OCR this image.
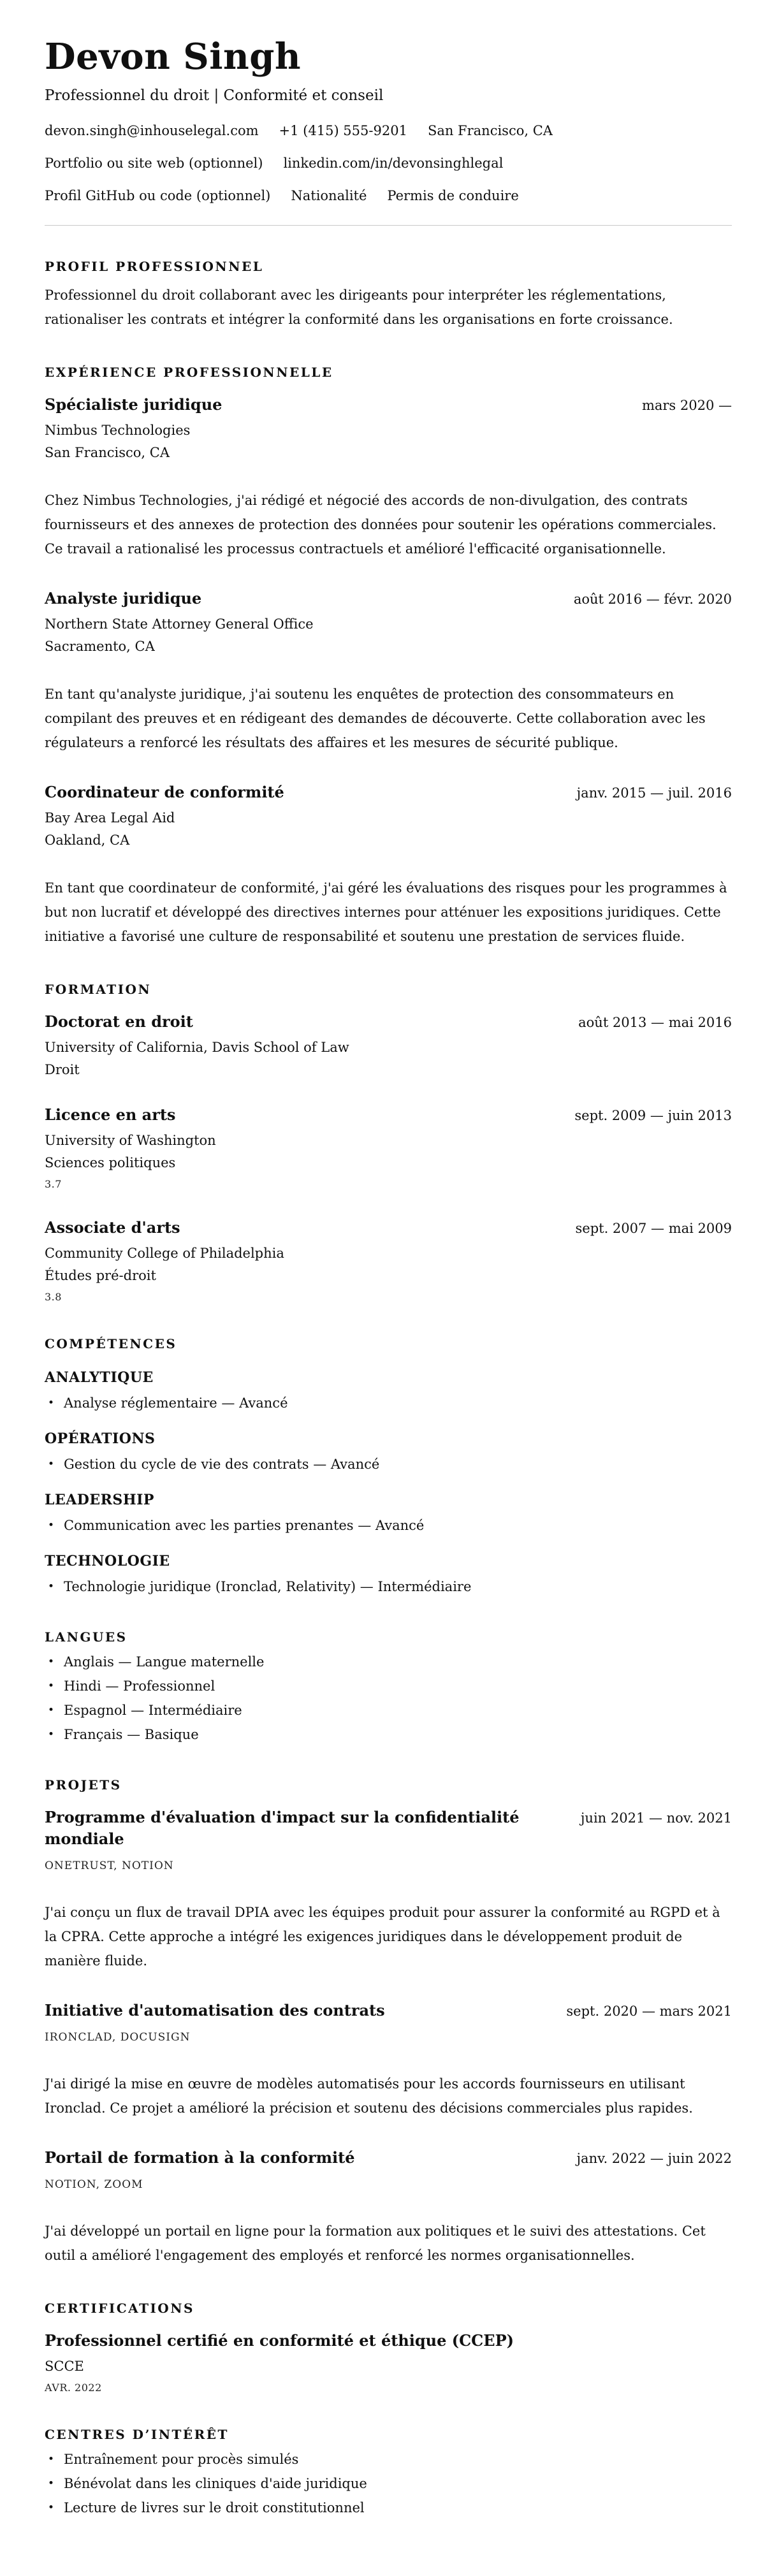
Devon Singh
Professionnel du droit | Conformité et conseil
devon.singh@inhouselegal.com +1 (415) 555-9201 San Francisco, CA
Portfolio ou site web (optionnel) linkedin.com/in/devonsinghlegal
Profil GitHub ou code (optionnel) Nationalité Permis de conduire
PROFIL PROFESSIONNEL

Professionnel du droit collaborant avec les dirigeants pour interpréter les réglementations, rationaliser les contrats et intégrer la conformité dans les organisations en forte croissance.

EXPÉRIENCE PROFESSIONNELLE
Spécialiste juridique	mars 2020 —
Nimbus Technologies
San Francisco, CA

Chez Nimbus Technologies, j'ai rédigé et négocié des accords de non-divulgation, des contrats fournisseurs et des annexes de protection des données pour soutenir les opérations commerciales. Ce travail a rationalisé les processus contractuels et amélioré l'efficacité organisationnelle.

Analyste juridique	août 2016 — févr. 2020
Northern State Attorney General Office
Sacramento, CA

En tant qu'analyste juridique, j'ai soutenu les enquêtes de protection des consommateurs en compilant des preuves et en rédigeant des demandes de découverte. Cette collaboration avec les régulateurs a renforcé les résultats des affaires et les mesures de sécurité publique.

Coordinateur de conformité	janv. 2015 — juil. 2016
Bay Area Legal Aid
Oakland, CA

En tant que coordinateur de conformité, j'ai géré les évaluations des risques pour les programmes à but non lucratif et développé des directives internes pour atténuer les expositions juridiques. Cette initiative a favorisé une culture de responsabilité et soutenu une prestation de services fluide.

FORMATION
Doctorat en droit	août 2013 — mai 2016
University of California, Davis School of Law
Droit
Licence en arts	sept. 2009 — juin 2013
University of Washington
Sciences politiques
3.7
Associate d'arts	sept. 2007 — mai 2009
Community College of Philadelphia
Études pré-droit
3.8
COMPÉTENCES
ANALYTIQUE
• Analyse réglementaire — Avancé
OPÉRATIONS
• Gestion du cycle de vie des contrats — Avancé
LEADERSHIP
• Communication avec les parties prenantes — Avancé
TECHNOLOGIE
• Technologie juridique (Ironclad, Relativity) — Intermédiaire
LANGUES
• Anglais — Langue maternelle
• Hindi — Professionnel
• Espagnol — Intermédiaire
• Français — Basique
PROJETS
Programme d'évaluation d'impact sur la confidentialité mondiale
juin 2021 — nov. 2021
ONETRUST, NOTION

J'ai conçu un flux de travail DPIA avec les équipes produit pour assurer la conformité au RGPD et à la CPRA. Cette approche a intégré les exigences juridiques dans le développement produit de manière fluide.

Initiative d'automatisation des contrats	sept. 2020 — mars 2021
IRONCLAD, DOCUSIGN

J'ai dirigé la mise en œuvre de modèles automatisés pour les accords fournisseurs en utilisant Ironclad. Ce projet a amélioré la précision et soutenu des décisions commerciales plus rapides.

Portail de formation à la conformité	janv. 2022 — juin 2022
NOTION, ZOOM

J'ai développé un portail en ligne pour la formation aux politiques et le suivi des attestations. Cet outil a amélioré l'engagement des employés et renforcé les normes organisationnelles.

CERTIFICATIONS
Professionnel certifié en conformité et éthique (CCEP)
SCCE
AVR. 2022
CENTRES D’INTÉRÊT
• Entraînement pour procès simulés
• Bénévolat dans les cliniques d'aide juridique
• Lecture de livres sur le droit constitutionnel
